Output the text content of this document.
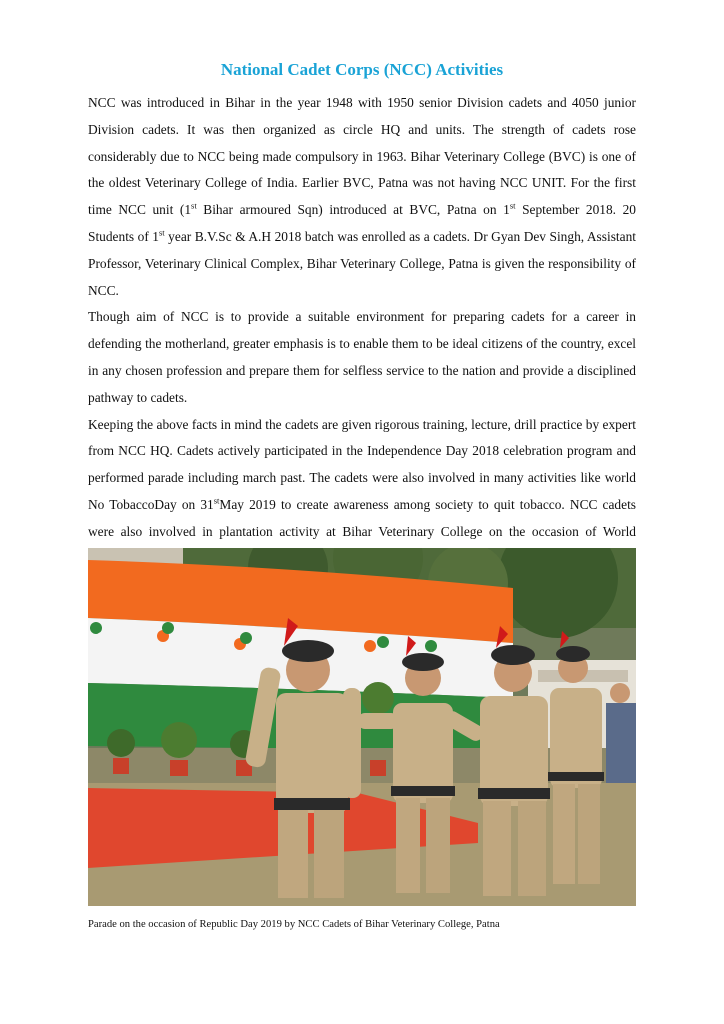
National Cadet Corps (NCC) Activities

NCC was introduced in Bihar in the year 1948 with 1950 senior Division cadets and 4050 junior Division cadets. It was then organized as circle HQ and units. The strength of cadets rose considerably due to NCC being made compulsory in 1963. Bihar Veterinary College (BVC) is one of the oldest Veterinary College of India. Earlier BVC, Patna was not having NCC UNIT. For the first time NCC unit (1st Bihar armoured Sqn) introduced at BVC, Patna on 1st September 2018. 20 Students of 1st year B.V.Sc & A.H 2018 batch was enrolled as a cadets. Dr Gyan Dev Singh, Assistant Professor, Veterinary Clinical Complex, Bihar Veterinary College, Patna is given the responsibility of NCC.

Though aim of NCC is to provide a suitable environment for preparing cadets for a career in defending the motherland, greater emphasis is to enable them to be ideal citizens of the country, excel in any chosen profession and prepare them for selfless service to the nation and provide a disciplined pathway to cadets.

Keeping the above facts in mind the cadets are given rigorous training, lecture, drill practice by expert from NCC HQ. Cadets actively participated in the Independence Day 2018 celebration program and performed parade including march past. The cadets were also involved in many activities like world No TobaccoDay on 31stMay 2019 to create awareness among society to quit tobacco. NCC cadets were also involved in plantation activity at Bihar Veterinary College on the occasion of World

Parade on the occasion of Republic Day 2019 by NCC Cadets of Bihar Veterinary College, Patna
